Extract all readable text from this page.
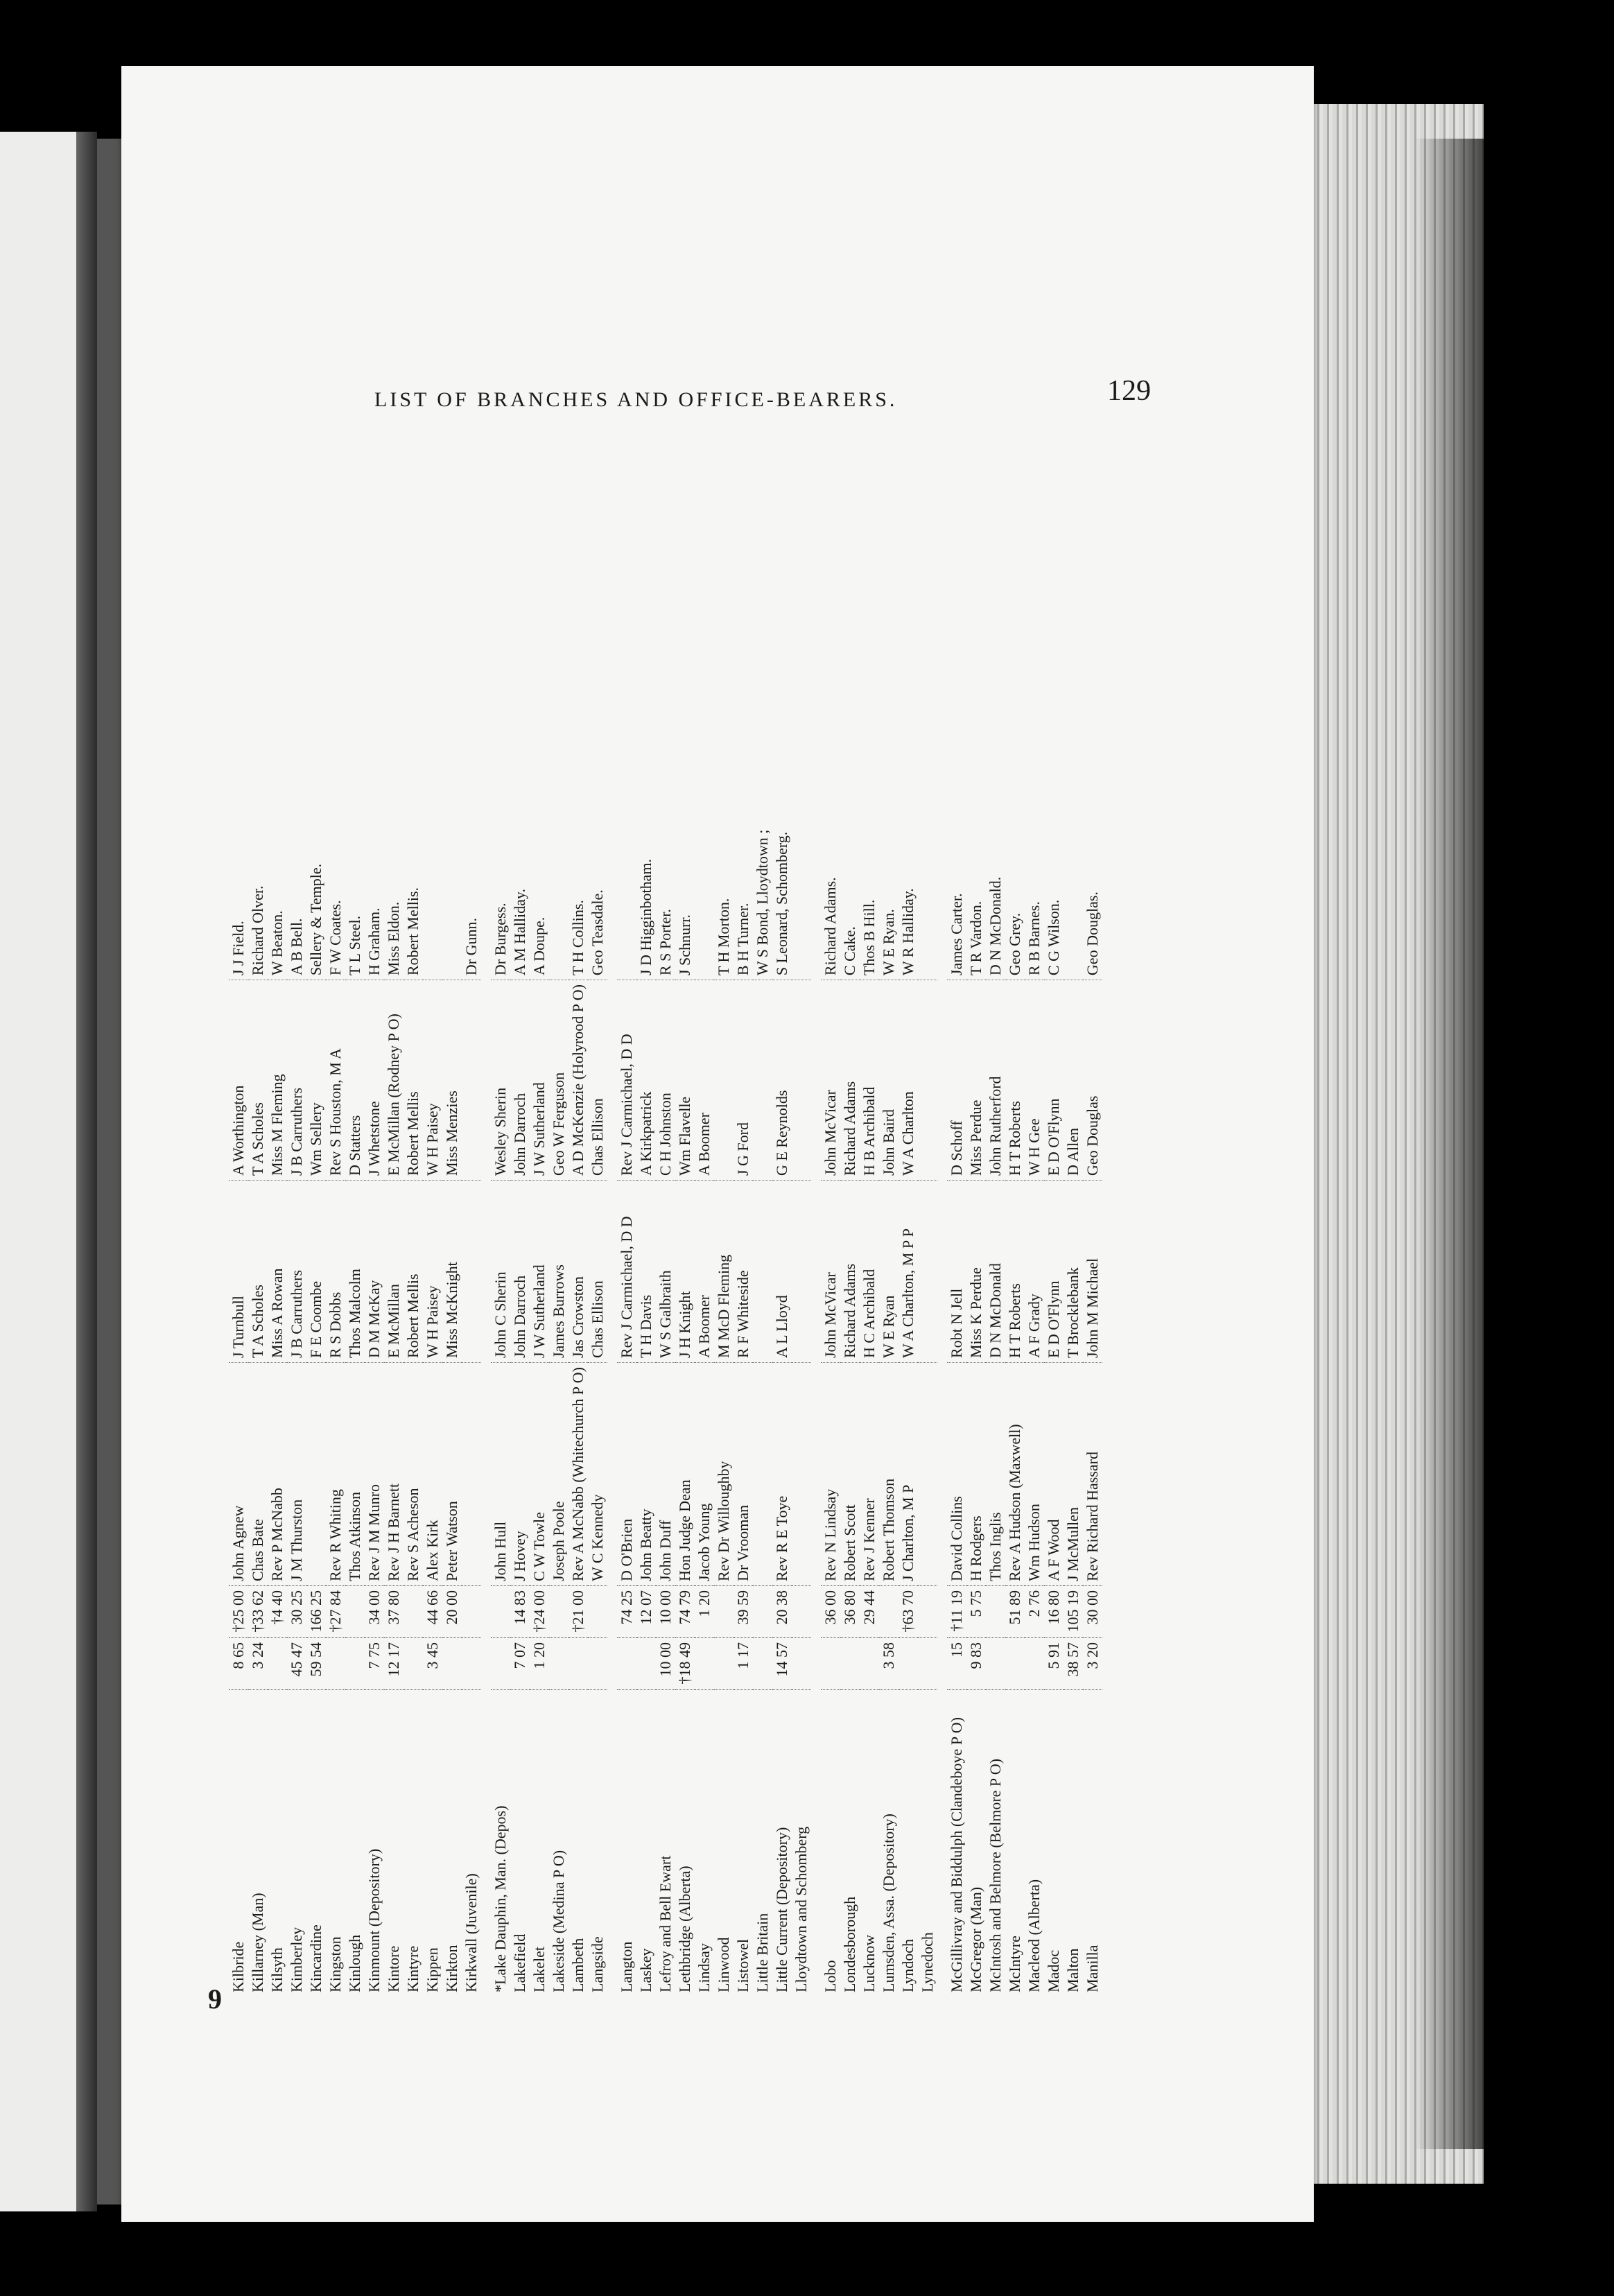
LIST OF BRANCHES AND OFFICE-BEARERS.	129
9
Kilbride	8 65	†25 00	John Agnew	J Turnbull	A Worthington	J J Field.
Killarney (Man)	3 24	†33 62	Chas Bate	T A Scholes	T A Scholes	Richard Olver.
Kilsyth		†4 40	Rev P McNabb	Miss A Rowan	Miss M Fleming	W Beaton.
Kimberley	45 47	30 25	J M Thurston	J B Carruthers	J B Carruthers	A B Bell.
Kincardine	59 54	166 25		F E Coombe	Wm Sellery	Sellery & Temple.
Kingston		†27 84	Rev R Whiting	R S Dobbs	Rev S Houston, M A	F W Coates.
Kinlough			Thos Atkinson	Thos Malcolm	D Statters	T L Steel.
Kinmount (Depository)	7 75	34 00	Rev J M Munro	D M McKay	J Whetstone	H Graham.
Kintore	12 17	37 80	Rev J H Barnett	E McMillan	E McMillan (Rodney P O)	Miss Eldon.
Kintyre			Rev S Acheson	Robert Mellis	Robert Mellis	Robert Mellis.
Kippen	3 45	44 66	Alex Kirk	W H Paisey	W H Paisey	
Kirkton		20 00	Peter Watson	Miss McKnight	Miss Menzies	
Kirkwall (Juvenile)						Dr Gunn.

*Lake Dauphin, Man. (Depos)			John Hull	John C Sherin	Wesley Sherin	Dr Burgess.
Lakefield	7 07	14 83	J Hovey	John Darroch	John Darroch	A M Halliday.
Lakelet	1 20	†24 00	C W Towle	J W Sutherland	J W Sutherland	A Doupe.
Lakeside (Medina P O)			Joseph Poole	James Burrows	Geo W Ferguson	
Lambeth		†21 00	Rev A McNabb (Whitechurch P O)	Jas Crowston	A D McKenzie (Holyrood P O)	T H Collins.
Langside			W C Kennedy	Chas Ellison	Chas Ellison	Geo Teasdale.

Langton		74 25	D O'Brien	Rev J Carmichael, D D	Rev J Carmichael, D D	
Laskey		12 07	John Beatty	T H Davis	A Kirkpatrick	J D Higginbotham.
Lefroy and Bell Ewart	10 00	10 00	John Duff	W S Galbraith	C H Johnston	R S Porter.
Lethbridge (Alberta)	†18 49	74 79	Hon Judge Dean	J H Knight	Wm Flavelle	J Schnurr.
Lindsay		1 20	Jacob Young	A Boomer	A Boomer	
Linwood			Rev Dr Willoughby	M McD Fleming		T H Morton.
Listowel	1 17	39 59	Dr Vrooman	R F Whiteside	J G Ford	B H Turner.
Little Britain						W S Bond, Lloydtown ;
Little Current (Depository)	14 57	20 38	Rev R E Toye	A L Lloyd	G E Reynolds	S Leonard, Schomberg.
Lloydtown and Schomberg						

Lobo		36 00	Rev N Lindsay	John McVicar	John McVicar	Richard Adams.
Londesborough		36 80	Robert Scott	Richard Adams	Richard Adams	C Cake.
Lucknow		29 44	Rev J Kenner	H C Archibald	H B Archibald	Thos B Hill.
Lumsden, Assa. (Depository)	3 58		Robert Thomson	W E Ryan	John Baird	W E Ryan.
Lyndoch		†63 70	J Charlton, M P	W A Charlton, M P P	W A Charlton	W R Halliday.
Lynedoch						

McGillivray and Biddulph (Clandeboye P O)	15	†11 19	David Collins	Robt N Jell	D Schoff	James Carter.
McGregor (Man)	9 83	5 75	H Rodgers	Miss K Perdue	Miss Perdue	T R Vardon.
McIntosh and Belmore (Belmore P O)			Thos Inglis	D N McDonald	John Rutherford	D N McDonald.
McIntyre		51 89	Rev A Hudson (Maxwell)	H T Roberts	H T Roberts	Geo Grey.
Macleod (Alberta)		2 76	Wm Hudson	A F Grady	W H Gee	R B Barnes.
Madoc	5 91	16 80	A F Wood	E D O'Flynn	E D O'Flynn	C G Wilson.
Malton	38 57	105 19	J McMullen	T Brocklebank	D Allen	
Manilla	3 20	30 00	Rev Richard Hassard	John M Michael	Geo Douglas	Geo Douglas.
